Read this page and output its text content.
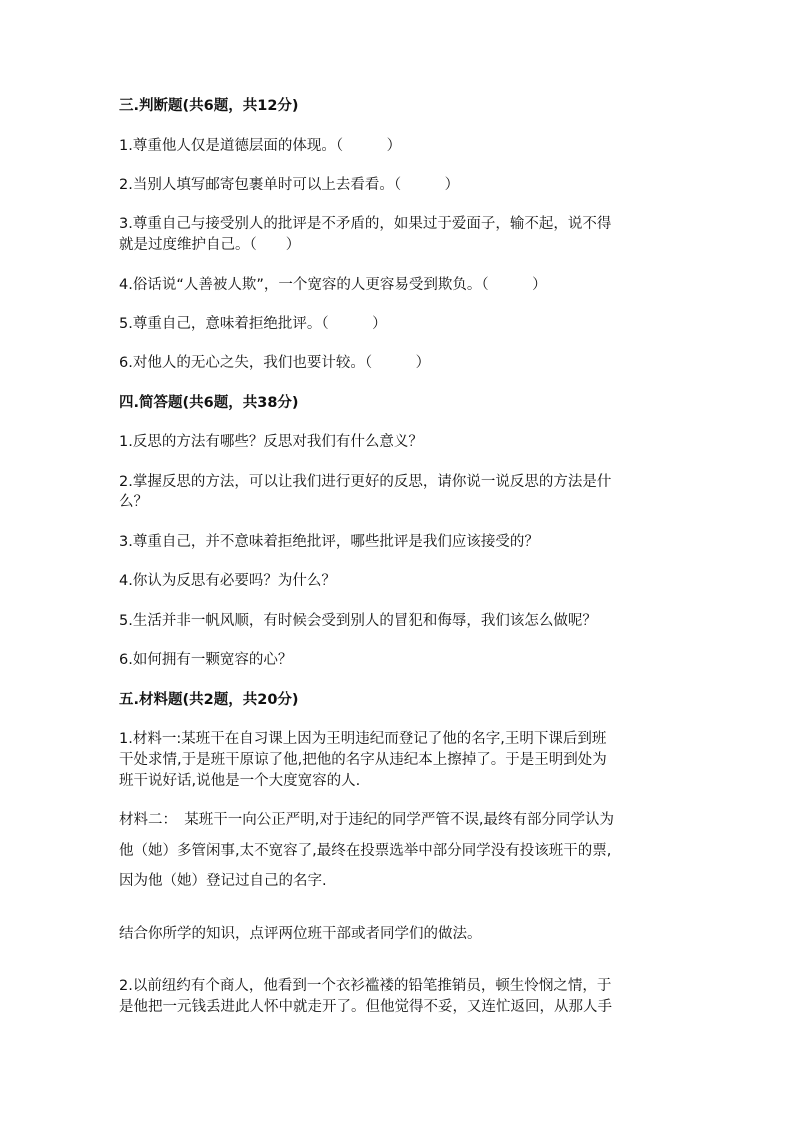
三.判断题(共6题，共12分)
1.尊重他人仅是道德层面的体现。（　　　）
2.当别人填写邮寄包裹单时可以上去看看。（　　　）
3.尊重自己与接受别人的批评是不矛盾的，如果过于爱面子，输不起，说不得
就是过度维护自己。（　　）
4.俗话说“人善被人欺”，一个宽容的人更容易受到欺负。（　　　）
5.尊重自己，意味着拒绝批评。（　　　）
6.对他人的无心之失，我们也要计较。（　　　）
四.简答题(共6题，共38分)
1.反思的方法有哪些？反思对我们有什么意义？
2.掌握反思的方法，可以让我们进行更好的反思，请你说一说反思的方法是什
么？
3.尊重自己，并不意味着拒绝批评，哪些批评是我们应该接受的？
4.你认为反思有必要吗？为什么？
5.生活并非一帆风顺，有时候会受到别人的冒犯和侮辱，我们该怎么做呢？
6.如何拥有一颗宽容的心？
五.材料题(共2题，共20分)
1.材料一:某班干在自习课上因为王明违纪而登记了他的名字,王明下课后到班
干处求情,于是班干原谅了他,把他的名字从违纪本上擦掉了。于是王明到处为
班干说好话,说他是一个大度宽容的人.
材料二：　某班干一向公正严明,对于违纪的同学严管不误,最终有部分同学认为
他（她）多管闲事,太不宽容了,最终在投票选举中部分同学没有投该班干的票,
因为他（她）登记过自己的名字.
结合你所学的知识，点评两位班干部或者同学们的做法。
2.以前纽约有个商人，他看到一个衣衫褴褛的铅笔推销员，顿生怜悯之情，于
是他把一元钱丢进此人怀中就走开了。但他觉得不妥，又连忙返回，从那人手
